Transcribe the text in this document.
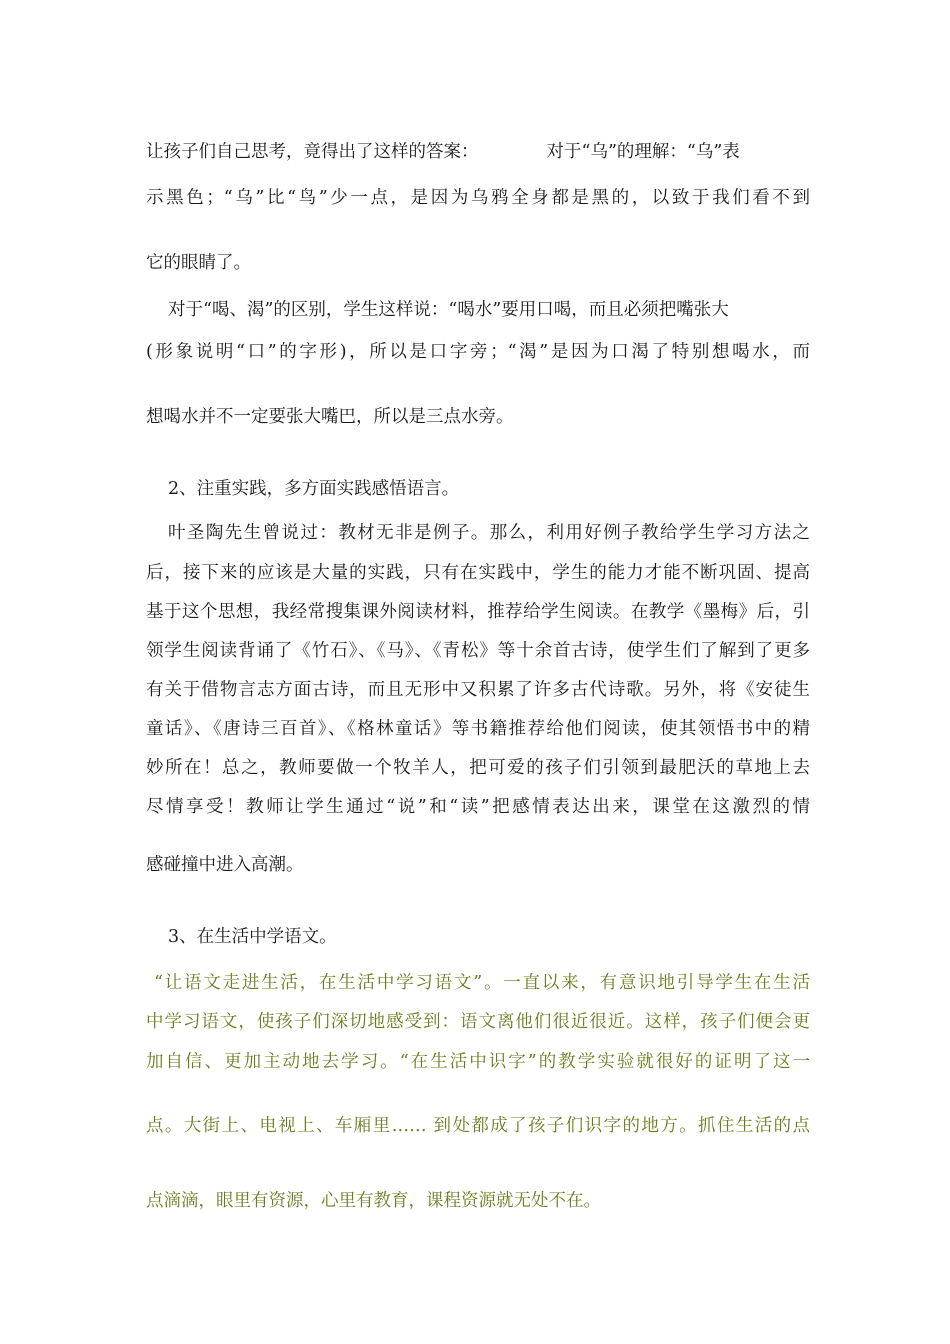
让孩子们自己思考，竟得出了这样的答案：	对于“乌”的理解：“乌”表
示黑色；“乌”比“鸟”少一点，是因为乌鸦全身都是黑的，以致于我们看不到
它的眼睛了。
对于“喝、渴”的区别，学生这样说：“喝水”要用口喝，而且必须把嘴张大
(形象说明“口”的字形)，所以是口字旁；“渴”是因为口渴了特别想喝水，而
想喝水并不一定要张大嘴巴，所以是三点水旁。
2、注重实践，多方面实践感悟语言。
叶圣陶先生曾说过：教材无非是例子。那么，利用好例子教给学生学习方法之
后，接下来的应该是大量的实践，只有在实践中，学生的能力才能不断巩固、提高
基于这个思想，我经常搜集课外阅读材料，推荐给学生阅读。在教学《墨梅》后，引
领学生阅读背诵了《竹石》、《马》、《青松》等十余首古诗，使学生们了解到了更多
有关于借物言志方面古诗，而且无形中又积累了许多古代诗歌。另外，将《安徒生
童话》、《唐诗三百首》、《格林童话》等书籍推荐给他们阅读，使其领悟书中的精
妙所在！总之，教师要做一个牧羊人，把可爱的孩子们引领到最肥沃的草地上去
尽情享受！教师让学生通过“说”和“读”把感情表达出来，课堂在这激烈的情
感碰撞中进入高潮。
3、在生活中学语文。
“让语文走进生活，在生活中学习语文”。一直以来，有意识地引导学生在生活
中学习语文，使孩子们深切地感受到：语文离他们很近很近。这样，孩子们便会更
加自信、更加主动地去学习。“在生活中识字”的教学实验就很好的证明了这一
点。大街上、电视上、车厢里…… 到处都成了孩子们识字的地方。抓住生活的点
点滴滴，眼里有资源，心里有教育，课程资源就无处不在。
